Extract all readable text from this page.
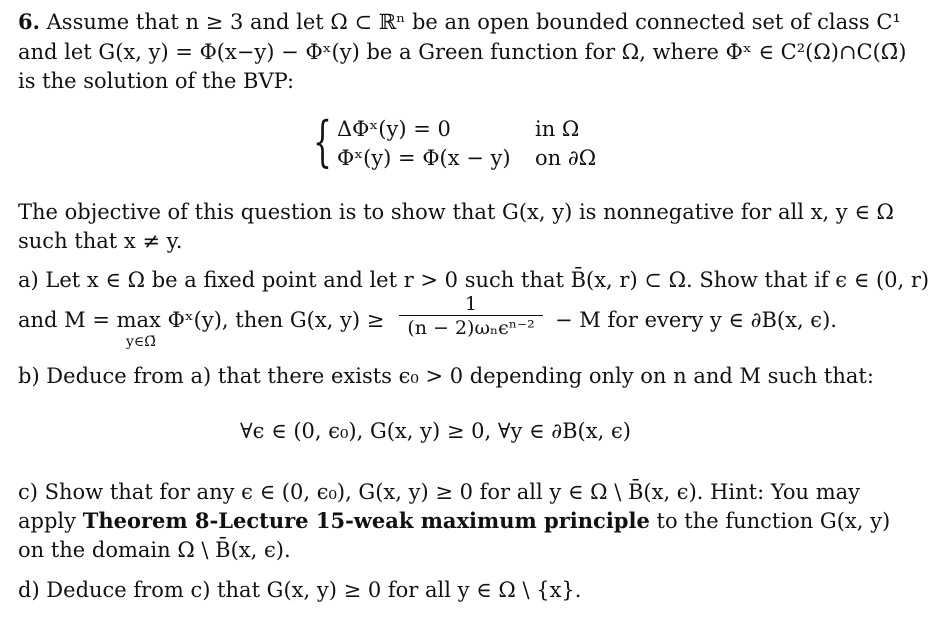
6. Assume that n ≥ 3 and let Ω ⊂ ℝⁿ be an open bounded connected set of class C¹
and let G(x, y) = Φ(x−y) − Φˣ(y) be a Green function for Ω, where Φˣ ∈ C²(Ω)∩C(Ω̄)
is the solution of the BVP:
{ ΔΦˣ(y) = 0	in Ω
Φˣ(y) = Φ(x − y) on ∂Ω
The objective of this question is to show that G(x, y) is nonnegative for all x, y ∈ Ω
such that x ≠ y.
a) Let x ∈ Ω be a fixed point and let r > 0 such that B̄(x, r) ⊂ Ω. Show that if ϵ ∈ (0, r)
and M = max Φˣ(y), then G(x, y) ≥
y∈Ω̄
1
(n − 2)ωₙϵⁿ⁻² − M for every y ∈ ∂B(x, ϵ).
b) Deduce from a) that there exists ϵ₀ > 0 depending only on n and M such that:
∀ϵ ∈ (0, ϵ₀), G(x, y) ≥ 0, ∀y ∈ ∂B(x, ϵ)
c) Show that for any ϵ ∈ (0, ϵ₀), G(x, y) ≥ 0 for all y ∈ Ω \ B̄(x, ϵ). Hint: You may
apply Theorem 8-Lecture 15-weak maximum principle to the function G(x, y)
on the domain Ω \ B̄(x, ϵ).
d) Deduce from c) that G(x, y) ≥ 0 for all y ∈ Ω \ {x}.
